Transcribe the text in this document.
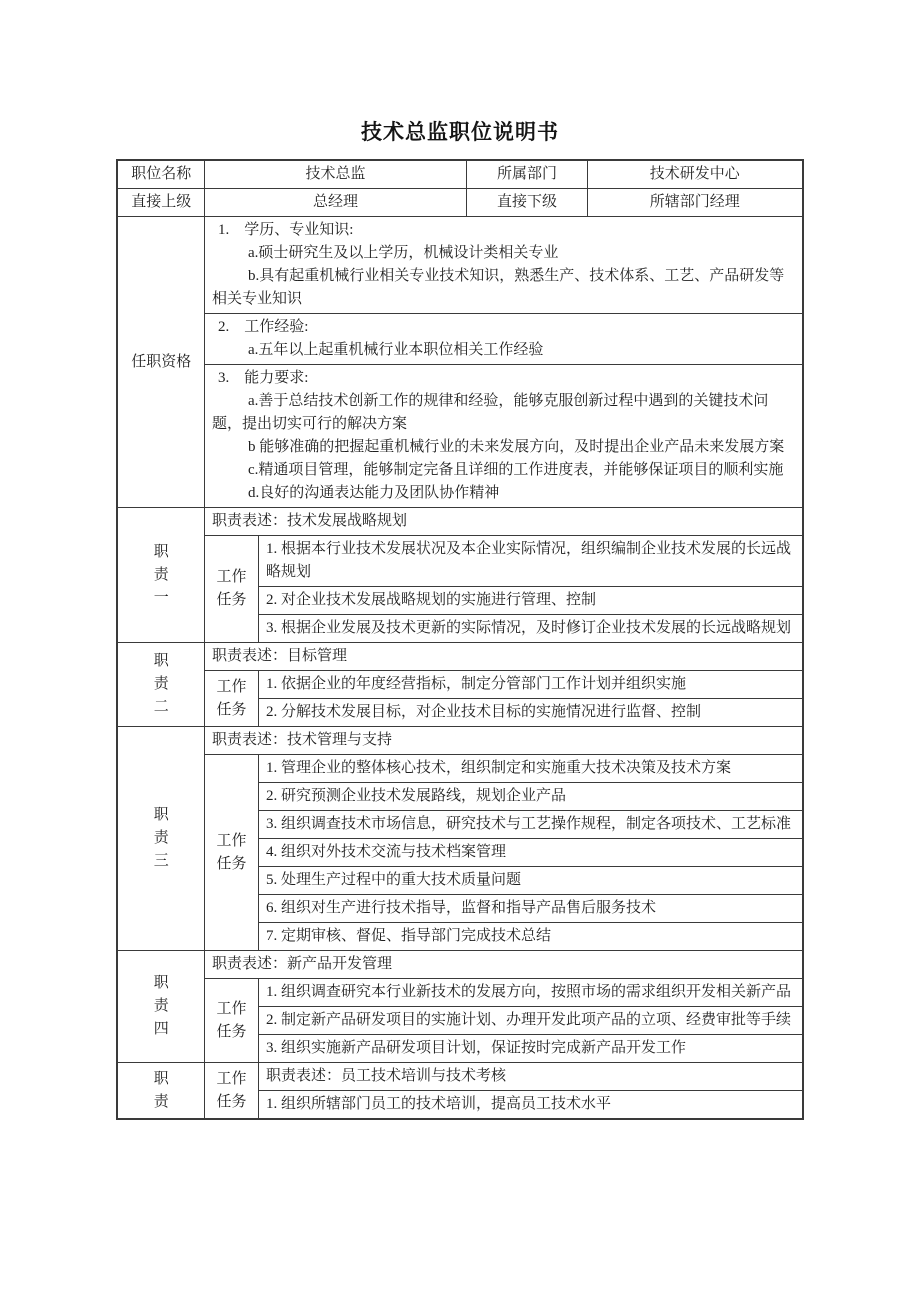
技术总监职位说明书
职位名称	技术总监		所属部门	技术研发中心
直接上级	总经理		直接下级	所辖部门经理
任职资格	1.    学历、专业知识:

a.硕士研究生及以上学历，机械设计类相关专业

b.具有起重机械行业相关专业技术知识，熟悉生产、技术体系、工艺、产品研发等相关专业知识			

	2.    工作经验:

a.五年以上起重机械行业本职位相关工作经验			

	3.    能力要求:

a.善于总结技术创新工作的规律和经验，能够克服创新过程中遇到的关键技术问题，提出切实可行的解决方案

b 能够准确的把握起重机械行业的未来发展方向，及时提出企业产品未来发展方案

c.精通项目管理，能够制定完备且详细的工作进度表，并能够保证项目的顺利实施

d.良好的沟通表达能力及团队协作精神			

职
责
一	职责表述：技术发展战略规划			
	工作
任务	1. 根据本行业技术发展状况及本企业实际情况，组织编制企业技术发展的长远战略规划		
		2. 对企业技术发展战略规划的实施进行管理、控制		
		3. 根据企业发展及技术更新的实际情况，及时修订企业技术发展的长远战略规划		
职
责
二	职责表述：目标管理			
	工作
任务	1. 依据企业的年度经营指标，制定分管部门工作计划并组织实施		
		2. 分解技术发展目标，对企业技术目标的实施情况进行监督、控制		
职
责
三	职责表述：技术管理与支持			
	工作
任务	1. 管理企业的整体核心技术，组织制定和实施重大技术决策及技术方案		
		2. 研究预测企业技术发展路线，规划企业产品		
		3. 组织调查技术市场信息，研究技术与工艺操作规程，制定各项技术、工艺标准		
		4. 组织对外技术交流与技术档案管理		
		5. 处理生产过程中的重大技术质量问题		
		6. 组织对生产进行技术指导，监督和指导产品售后服务技术		
		7. 定期审核、督促、指导部门完成技术总结		
职
责
四	职责表述：新产品开发管理			
	工作
任务	1. 组织调查研究本行业新技术的发展方向，按照市场的需求组织开发相关新产品		
		2. 制定新产品研发项目的实施计划、办理开发此项产品的立项、经费审批等手续		
		3. 组织实施新产品研发项目计划，保证按时完成新产品开发工作		
职
责	工作
任务	职责表述：员工技术培训与技术考核		
		1. 组织所辖部门员工的技术培训，提高员工技术水平		
